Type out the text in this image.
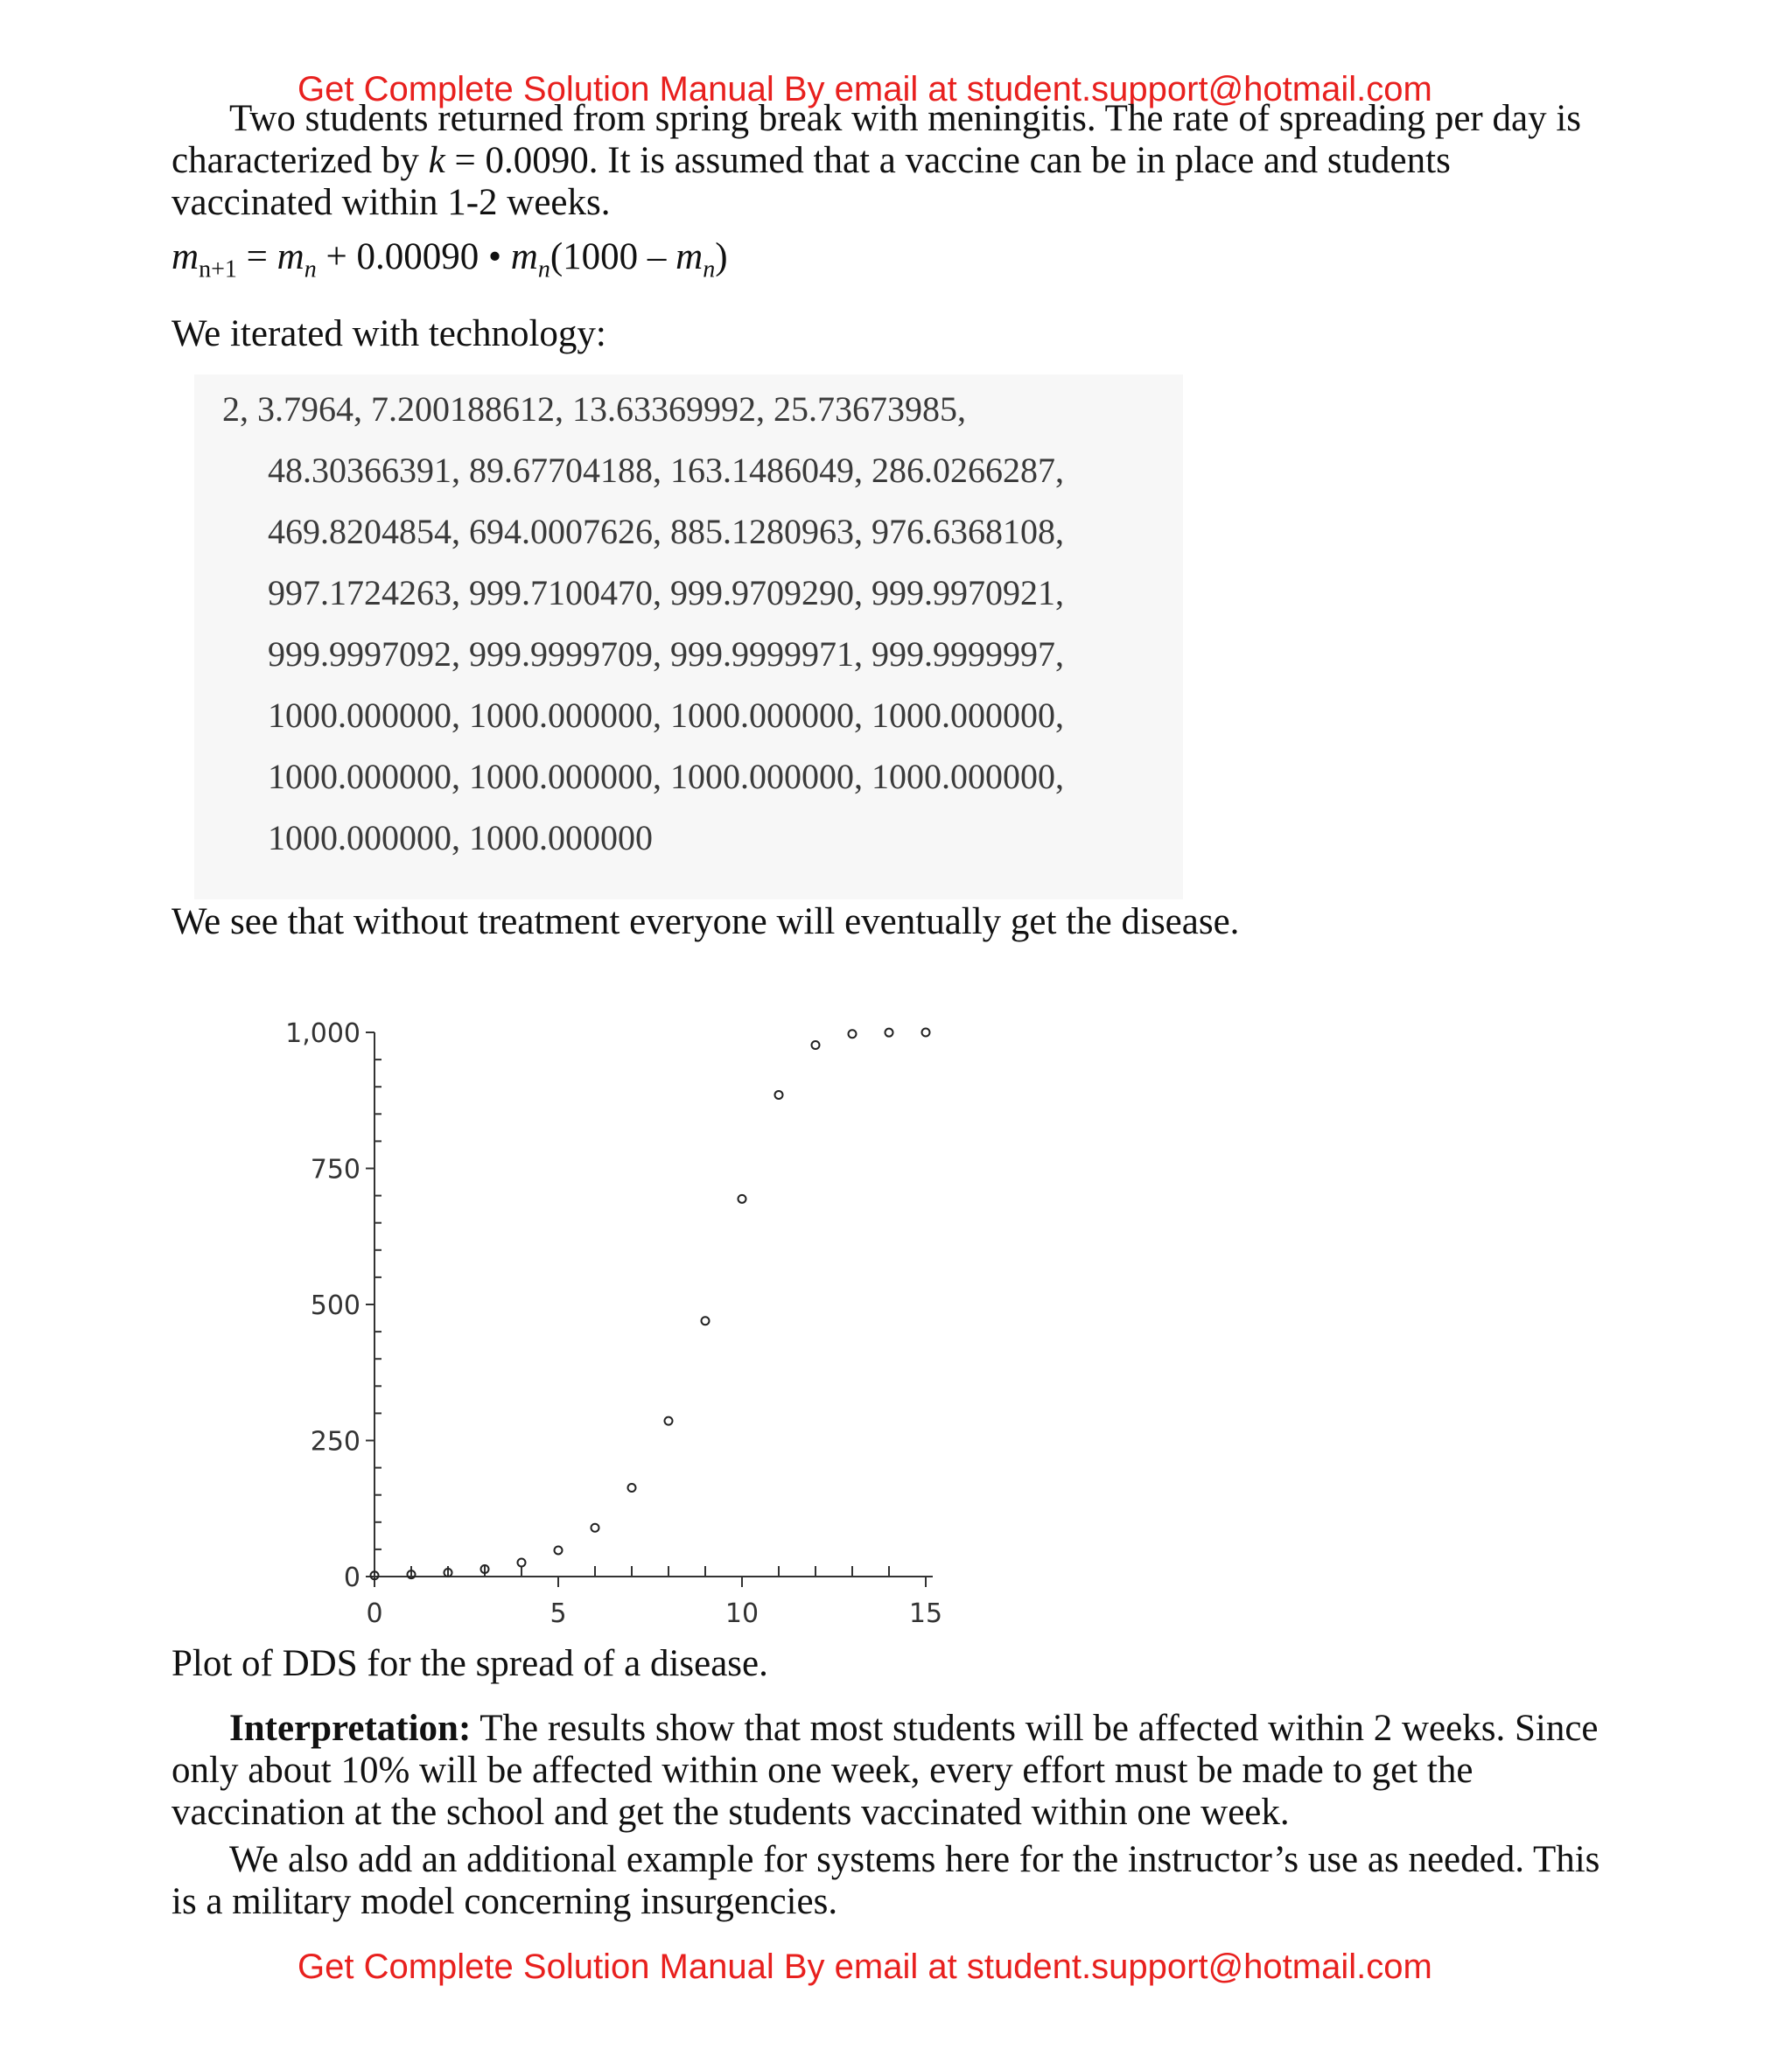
Get Complete Solution Manual By email at student.support@hotmail.com
Two students returned from spring break with meningitis. The rate of spreading per day is
characterized by k = 0.0090. It is assumed that a vaccine can be in place and students
vaccinated within 1-2 weeks.
$m_{n+1} = m_n + 0.00090$ • $m_n(1000 - m_n)$
We iterated with technology:
2, 3.7964, 7.200188612, 13.63369992, 25.73673985,
48.30366391, 89.67704188, 163.1486049, 286.0266287,
469.8204854, 694.0007626, 885.1280963, 976.6368108,
997.1724263, 999.7100470, 999.9709290, 999.9970921,
999.9997092, 999.9999709, 999.9999971, 999.9999997,
1000.000000, 1000.000000, 1000.000000, 1000.000000,
1000.000000, 1000.000000, 1000.000000, 1000.000000,
1000.000000, 1000.000000
We see that without treatment everyone will eventually get the disease.
0
250
500
750
1,000
0	5	10	15
Plot of DDS for the spread of a disease.
Interpretation: The results show that most students will be affected within 2 weeks. Since
only about 10% will be affected within one week, every effort must be made to get the
vaccination at the school and get the students vaccinated within one week.
We also add an additional example for systems here for the instructor’s use as needed. This
is a military model concerning insurgencies.
Get Complete Solution Manual By email at student.support@hotmail.com
